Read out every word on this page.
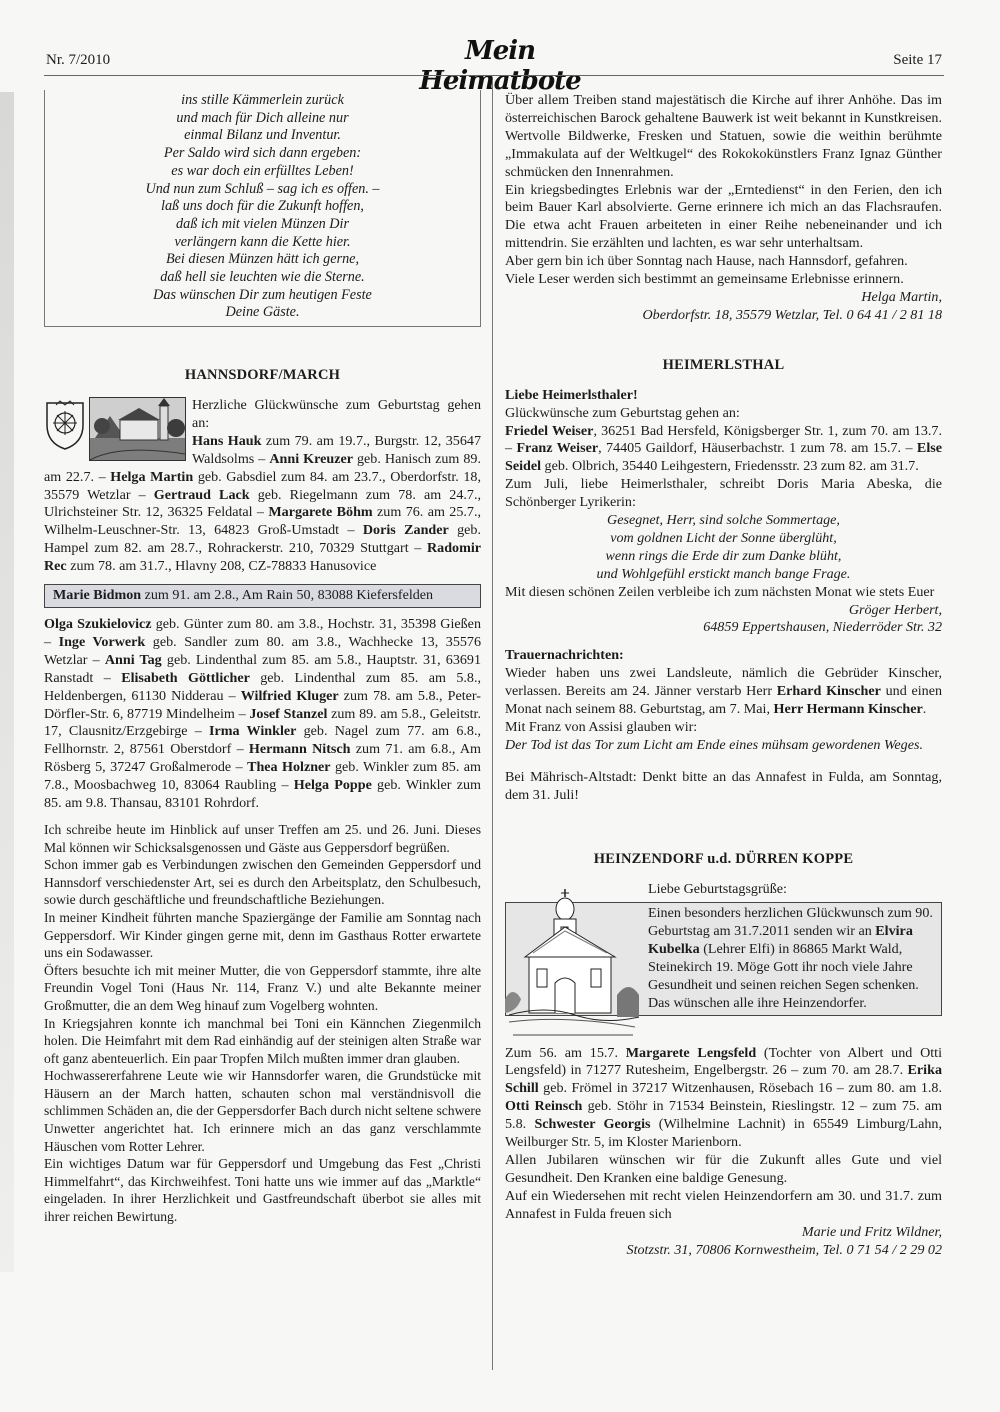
Nr. 7/2010	Mein Heimatbote
Seite 17
ins stille Kämmerlein zurück
und mach für Dich alleine nur
einmal Bilanz und Inventur.
Per Saldo wird sich dann ergeben:
es war doch ein erfülltes Leben!
Und nun zum Schluß – sag ich es offen. –
laß uns doch für die Zukunft hoffen,
daß ich mit vielen Münzen Dir
verlängern kann die Kette hier.
Bei diesen Münzen hätt ich gerne,
daß hell sie leuchten wie die Sterne.
Das wünschen Dir zum heutigen Feste
Deine Gäste.
HANNSDORF/MARCH

Herzliche Glückwünsche zum Geburtstag gehen an:
Hans Hauk zum 79. am 19.7., Burgstr. 12, 35647 Waldsolms – Anni Kreuzer geb. Hanisch zum 89. am 22.7. – Helga Martin geb. Gabsdiel zum 84. am 23.7., Oberdorfstr. 18, 35579 Wetzlar – Gertraud Lack geb. Riegelmann zum 78. am 24.7., Ulrichsteiner Str. 12, 36325 Feldatal – Margarete Böhm zum 76. am 25.7., Wilhelm-Leuschner-Str. 13, 64823 Groß-Umstadt – Doris Zander geb. Hampel zum 82. am 28.7., Rohrackerstr. 210, 70329 Stuttgart – Radomir Rec zum 78. am 31.7., Hlavny 208, CZ-78833 Hanusovice

Marie Bidmon zum 91. am 2.8., Am Rain 50, 83088 Kiefersfelden

Olga Szukielovicz geb. Günter zum 80. am 3.8., Hochstr. 31, 35398 Gießen – Inge Vorwerk geb. Sandler zum 80. am 3.8., Wachhecke 13, 35576 Wetzlar – Anni Tag geb. Lindenthal zum 85. am 5.8., Hauptstr. 31, 63691 Ranstadt – Elisabeth Göttlicher geb. Lindenthal zum 85. am 5.8., Heldenbergen, 61130 Nidderau – Wilfried Kluger zum 78. am 5.8., Peter-Dörfler-Str. 6, 87719 Mindelheim – Josef Stanzel zum 89. am 5.8., Geleitstr. 17, Clausnitz/Erzgebirge – Irma Winkler geb. Nagel zum 77. am 6.8., Fellhornstr. 2, 87561 Oberstdorf – Hermann Nitsch zum 71. am 6.8., Am Rösberg 5, 37247 Großalmerode – Thea Holzner geb. Winkler zum 85. am 7.8., Moosbachweg 10, 83064 Raubling – Helga Poppe geb. Winkler zum 85. am 9.8. Thansau, 83101 Rohrdorf.

Ich schreibe heute im Hinblick auf unser Treffen am 25. und 26. Juni. Dieses Mal können wir Schicksalsgenossen und Gäste aus Geppersdorf begrüßen.

Schon immer gab es Verbindungen zwischen den Gemeinden Geppersdorf und Hannsdorf verschiedenster Art, sei es durch den Arbeitsplatz, den Schulbesuch, sowie durch geschäftliche und freundschaftliche Beziehungen.

In meiner Kindheit führten manche Spaziergänge der Familie am Sonntag nach Geppersdorf. Wir Kinder gingen gerne mit, denn im Gasthaus Rotter erwartete uns ein Sodawasser.

Öfters besuchte ich mit meiner Mutter, die von Geppersdorf stammte, ihre alte Freundin Vogel Toni (Haus Nr. 114, Franz V.) und alte Bekannte meiner Großmutter, die an dem Weg hinauf zum Vogelberg wohnten.

In Kriegsjahren konnte ich manchmal bei Toni ein Kännchen Ziegenmilch holen. Die Heimfahrt mit dem Rad einhändig auf der steinigen alten Straße war oft ganz abenteuerlich. Ein paar Tropfen Milch mußten immer dran glauben.

Hochwassererfahrene Leute wie wir Hannsdorfer waren, die Grundstücke mit Häusern an der March hatten, schauten schon mal verständnisvoll die schlimmen Schäden an, die der Geppersdorfer Bach durch nicht seltene schwere Unwetter angerichtet hat. Ich erinnere mich an das ganz verschlammte Häuschen vom Rotter Lehrer.

Ein wichtiges Datum war für Geppersdorf und Umgebung das Fest „Christi Himmelfahrt“, das Kirchweihfest. Toni hatte uns wie immer auf das „Marktle“ eingeladen. In ihrer Herzlichkeit und Gastfreundschaft überbot sie alles mit ihrer reichen Bewirtung.

Über allem Treiben stand majestätisch die Kirche auf ihrer Anhöhe. Das im österreichischen Barock gehaltene Bauwerk ist weit bekannt in Kunstkreisen. Wertvolle Bildwerke, Fresken und Statuen, sowie die weithin berühmte „Immakulata auf der Weltkugel“ des Rokokokünstlers Franz Ignaz Günther schmücken den Innenrahmen.

Ein kriegsbedingtes Erlebnis war der „Erntedienst“ in den Ferien, den ich beim Bauer Karl absolvierte. Gerne erinnere ich mich an das Flachsraufen. Die etwa acht Frauen arbeiteten in einer Reihe nebeneinander und ich mittendrin. Sie erzählten und lachten, es war sehr unterhaltsam.

Aber gern bin ich über Sonntag nach Hause, nach Hannsdorf, gefahren.

Viele Leser werden sich bestimmt an gemeinsame Erlebnisse erinnern.

Helga Martin,

Oberdorfstr. 18, 35579 Wetzlar, Tel. 0 64 41 / 2 81 18

HEIMERLSTHAL

Liebe Heimerlsthaler!

Glückwünsche zum Geburtstag gehen an:

Friedel Weiser, 36251 Bad Hersfeld, Königsberger Str. 1, zum 70. am 13.7. – Franz Weiser, 74405 Gaildorf, Häuserbachstr. 1 zum 78. am 15.7. – Else Seidel geb. Olbrich, 35440 Leihgestern, Friedensstr. 23 zum 82. am 31.7.

Zum Juli, liebe Heimerlsthaler, schreibt Doris Maria Abeska, die Schönberger Lyrikerin:

Gesegnet, Herr, sind solche Sommertage,

vom goldnen Licht der Sonne überglüht,

wenn rings die Erde dir zum Danke blüht,

und Wohlgefühl erstickt manch bange Frage.

Mit diesen schönen Zeilen verbleibe ich zum nächsten Monat wie stets Euer

Gröger Herbert,

64859 Eppertshausen, Niederröder Str. 32

Trauernachrichten:

Wieder haben uns zwei Landsleute, nämlich die Gebrüder Kinscher, verlassen. Bereits am 24. Jänner verstarb Herr Erhard Kinscher und einen Monat nach seinem 88. Geburtstag, am 7. Mai, Herr Hermann Kinscher.

Mit Franz von Assisi glauben wir:

Der Tod ist das Tor zum Licht am Ende eines mühsam gewordenen Weges.

Bei Mährisch-Altstadt: Denkt bitte an das Annafest in Fulda, am Sonntag, dem 31. Juli!

HEINZENDORF u.d. DÜRREN KOPPE

Liebe Geburtstagsgrüße:

Einen besonders herzlichen Glückwunsch zum 90. Geburtstag am 31.7.2011 senden wir an Elvira Kubelka (Lehrer Elfi) in 86865 Markt Wald, Steinekirch 19. Möge Gott ihr noch viele Jahre Gesundheit und seinen reichen Segen schenken. Das wünschen alle ihre Heinzendorfer.

Zum 56. am 15.7. Margarete Lengsfeld (Tochter von Albert und Otti Lengsfeld) in 71277 Rutesheim, Engelbergstr. 26 – zum 70. am 28.7. Erika Schill geb. Frömel in 37217 Witzenhausen, Rösebach 16 – zum 80. am 1.8. Otti Reinsch geb. Stöhr in 71534 Beinstein, Rieslingstr. 12 – zum 75. am 5.8. Schwester Georgis (Wilhelmine Lachnit) in 65549 Limburg/Lahn, Weilburger Str. 5, im Kloster Marienborn.

Allen Jubilaren wünschen wir für die Zukunft alles Gute und viel Gesundheit. Den Kranken eine baldige Genesung.

Auf ein Wiedersehen mit recht vielen Heinzendorfern am 30. und 31.7. zum Annafest in Fulda freuen sich

Marie und Fritz Wildner,

Stotzstr. 31, 70806 Kornwestheim, Tel. 0 71 54 / 2 29 02
